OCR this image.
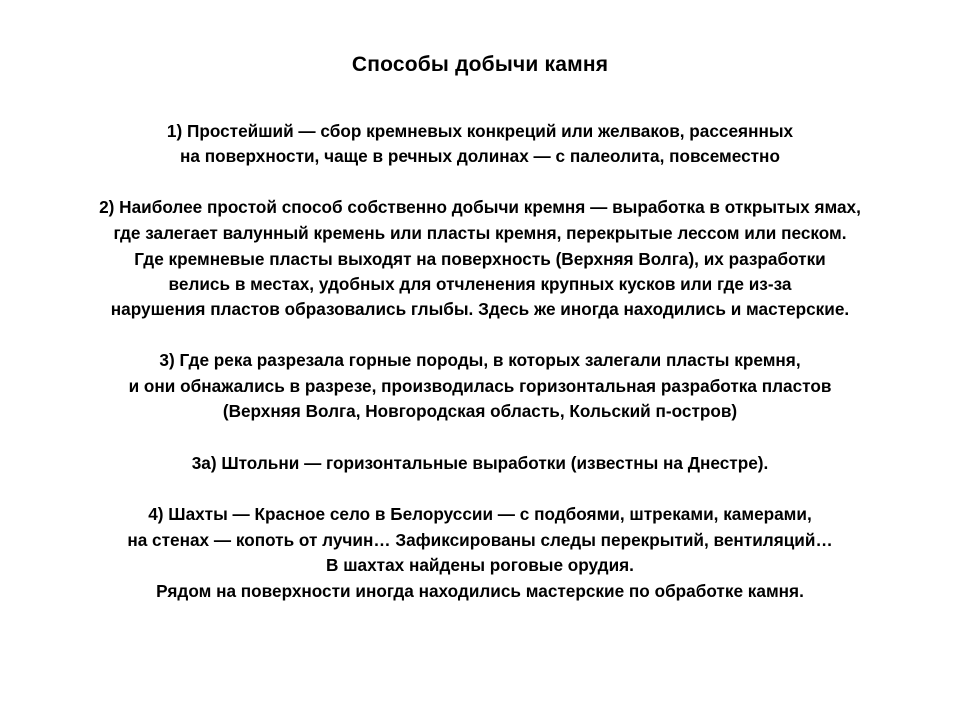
Способы добычи камня
1) Простейший — сбор кремневых конкреций или желваков, рассеянных
на поверхности, чаще в речных долинах — с палеолита, повсеместно
2) Наиболее простой способ собственно добычи кремня — выработка в открытых ямах,
где залегает валунный кремень или пласты кремня, перекрытые лессом или песком.
Где кремневые пласты выходят на поверхность (Верхняя Волга), их разработки
велись в местах, удобных для отчленения крупных кусков или где из-за
нарушения пластов образовались глыбы. Здесь же иногда находились и мастерские.
3) Где река разрезала горные породы, в которых залегали пласты кремня,
и они обнажались в разрезе, производилась горизонтальная разработка пластов
(Верхняя Волга, Новгородская область, Кольский п-остров)
3а) Штольни — горизонтальные выработки (известны на Днестре).
4) Шахты — Красное село в Белоруссии — с подбоями, штреками, камерами,
на стенах — копоть от лучин… Зафиксированы следы перекрытий, вентиляций…
В шахтах найдены роговые орудия.
Рядом на поверхности иногда находились мастерские по обработке камня.
